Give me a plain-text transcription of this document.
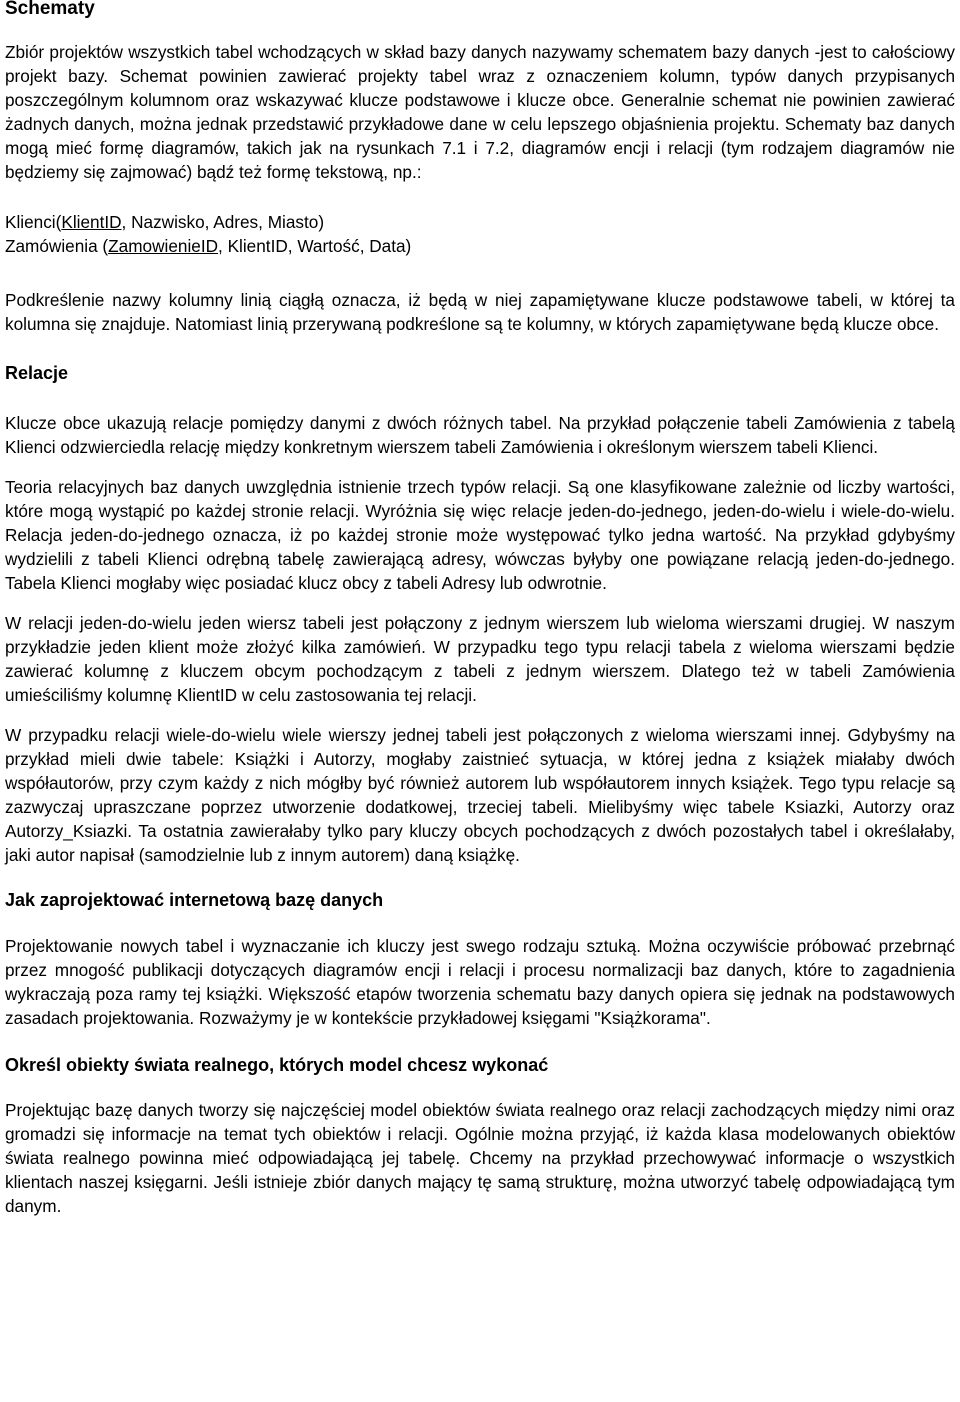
Schematy

Zbiór projektów wszystkich tabel wchodzących w skład bazy danych nazywamy schematem bazy danych -jest to całościowy projekt bazy. Schemat powinien zawierać projekty tabel wraz z oznaczeniem kolumn, typów danych przypisanych poszczególnym kolumnom oraz wskazywać klucze podstawowe i klucze obce. Generalnie schemat nie powinien zawierać żadnych danych, można jednak przedstawić przykładowe dane w celu lepszego objaśnienia projektu. Schematy baz danych mogą mieć formę diagramów, takich jak na rysunkach 7.1 i 7.2, diagramów encji i relacji (tym rodzajem diagramów nie będziemy się zajmować) bądź też formę tekstową, np.:

Klienci(KlientID, Nazwisko, Adres, Miasto)
Zamówienia (ZamowienieID, KlientID, Wartość, Data)

Podkreślenie nazwy kolumny linią ciągłą oznacza, iż będą w niej zapamiętywane klucze podstawowe tabeli, w której ta kolumna się znajduje. Natomiast linią przerywaną podkreślone są te kolumny, w których zapamiętywane będą klucze obce.

Relacje

Klucze obce ukazują relacje pomiędzy danymi z dwóch różnych tabel. Na przykład połączenie tabeli Zamówienia z tabelą Klienci odzwierciedla relację między konkretnym wierszem tabeli Zamówienia i określonym wierszem tabeli Klienci.

Teoria relacyjnych baz danych uwzględnia istnienie trzech typów relacji. Są one klasyfikowane zależnie od liczby wartości, które mogą wystąpić po każdej stronie relacji. Wyróżnia się więc relacje jeden-do-jednego, jeden-do-wielu i wiele-do-wielu. Relacja jeden-do-jednego oznacza, iż po każdej stronie może występować tylko jedna wartość. Na przykład gdybyśmy wydzielili z tabeli Klienci odrębną tabelę zawierającą adresy, wówczas byłyby one powiązane relacją jeden-do-jednego. Tabela Klienci mogłaby więc posiadać klucz obcy z tabeli Adresy lub odwrotnie.

W relacji jeden-do-wielu jeden wiersz tabeli jest połączony z jednym wierszem lub wieloma wierszami drugiej. W naszym przykładzie jeden klient może złożyć kilka zamówień. W przypadku tego typu relacji tabela z wieloma wierszami będzie zawierać kolumnę z kluczem obcym pochodzącym z tabeli z jednym wierszem. Dlatego też w tabeli Zamówienia umieściliśmy kolumnę KlientID w celu zastosowania tej relacji.

W przypadku relacji wiele-do-wielu wiele wierszy jednej tabeli jest połączonych z wieloma wierszami innej. Gdybyśmy na przykład mieli dwie tabele: Książki i Autorzy, mogłaby zaistnieć sytuacja, w której jedna z książek miałaby dwóch współautorów, przy czym każdy z nich mógłby być również autorem lub współautorem innych książek. Tego typu relacje są zazwyczaj upraszczane poprzez utworzenie dodatkowej, trzeciej tabeli. Mielibyśmy więc tabele Ksiazki, Autorzy oraz Autorzy_Ksiazki. Ta ostatnia zawierałaby tylko pary kluczy obcych pochodzących z dwóch pozostałych tabel i określałaby, jaki autor napisał (samodzielnie lub z innym autorem) daną książkę.

Jak zaprojektować internetową bazę danych

Projektowanie nowych tabel i wyznaczanie ich kluczy jest swego rodzaju sztuką. Można oczywiście próbować przebrnąć przez mnogość publikacji dotyczących diagramów encji i relacji i procesu normalizacji baz danych, które to zagadnienia wykraczają poza ramy tej książki. Większość etapów tworzenia schematu bazy danych opiera się jednak na podstawowych zasadach projektowania. Rozważymy je w kontekście przykładowej księgami "Książkorama".

Określ obiekty świata realnego, których model chcesz wykonać

Projektując bazę danych tworzy się najczęściej model obiektów świata realnego oraz relacji zachodzących między nimi oraz gromadzi się informacje na temat tych obiektów i relacji. Ogólnie można przyjąć, iż każda klasa modelowanych obiektów świata realnego powinna mieć odpowiadającą jej tabelę. Chcemy na przykład przechowywać informacje o wszystkich klientach naszej księgarni. Jeśli istnieje zbiór danych mający tę samą strukturę, można utworzyć tabelę odpowiadającą tym danym.
